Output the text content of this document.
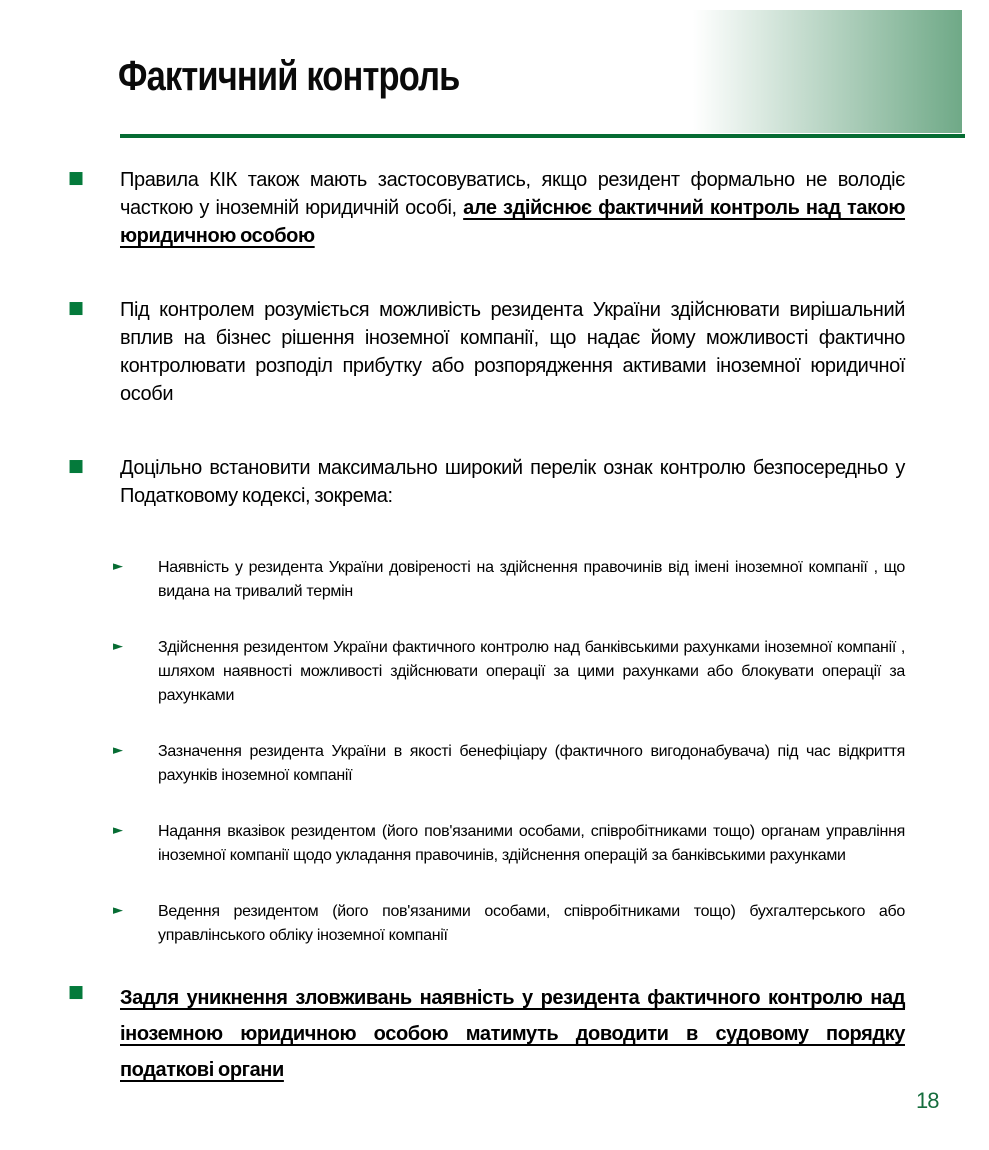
Фактичний контроль
■	Правила КІК також мають застосовуватись, якщо резидент формально не володіє часткою у іноземній юридичній особі, але здійснює фактичний контроль над такою юридичною особою
■	Під контролем розуміється можливість резидента України здійснювати вирішальний вплив на бізнес рішення іноземної компанії, що надає йому можливості фактично контролювати розподіл прибутку або розпорядження активами іноземної юридичної особи
■	Доцільно встановити максимально широкий перелік ознак контролю безпосередньо у Податковому кодексі, зокрема:
►	Наявність у резидента України довіреності на здійснення правочинів від імені іноземної компанії , що видана на тривалий термін
►	Здійснення резидентом України фактичного контролю над банківськими рахунками іноземної компанії , шляхом наявності можливості здійснювати операції за цими рахунками або блокувати операції за рахунками
►	Зазначення резидента України в якості бенефіціару (фактичного вигодонабувача) під час відкриття рахунків іноземної компанії
►	Надання вказівок резидентом (його пов'язаними особами, співробітниками тощо) органам управління іноземної компанії щодо укладання правочинів, здійснення операцій за банківськими рахунками
►	Ведення резидентом (його пов'язаними особами, співробітниками тощо) бухгалтерського або управлінського обліку іноземної компанії
■	Задля уникнення зловживань наявність у резидента фактичного контролю над іноземною юридичною особою матимуть доводити в судовому порядку податкові органи
18
